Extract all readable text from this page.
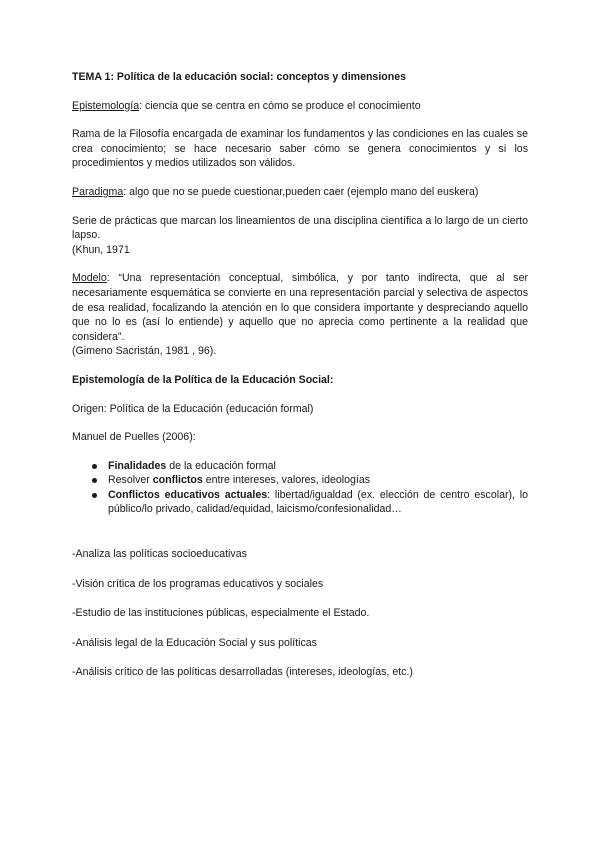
TEMA 1: Política de la educación social: conceptos y dimensiones

Epistemología: ciencia que se centra en cómo se produce el conocimiento

Rama de la Filosofía encargada de examinar los fundamentos y las condiciones en las cuales se crea conocimiento; se hace necesario saber cómo se genera conocimientos y si los procedimientos y medios utilizados son válidos.

Paradigma: algo que no se puede cuestionar,pueden caer (ejemplo mano del euskera)

Serie de prácticas que marcan los lineamientos de una disciplina científica a lo largo de un cierto lapso.

(Khun, 1971

Modelo: “Una representación conceptual, simbólica, y por tanto indirecta, que al ser necesariamente esquemática se convierte en una representación parcial y selectiva de aspectos de esa realidad, focalizando la atención en lo que considera importante y despreciando aquello que no lo es (así lo entiende) y aquello que no aprecia como pertinente a la realidad que considera”.

(Gimeno Sacristán, 1981 , 96).

Epistemología de la Política de la Educación Social:

Origen: Política de la Educación (educación formal)

Manuel de Puelles (2006):

Finalidades de la educación formal
Resolver conflictos entre intereses, valores, ideologías
Conflictos educativos actuales: libertad/igualdad (ex. elección de centro escolar), lo público/lo privado, calidad/equidad, laicismo/confesionalidad…

-Analiza las políticas socioeducativas

-Visión crítica de los programas educativos y sociales

-Estudio de las instituciones públicas, especialmente el Estado.

-Análisis legal de la Educación Social y sus políticas

-Análisis crítico de las políticas desarrolladas (intereses, ideologías, etc.)
